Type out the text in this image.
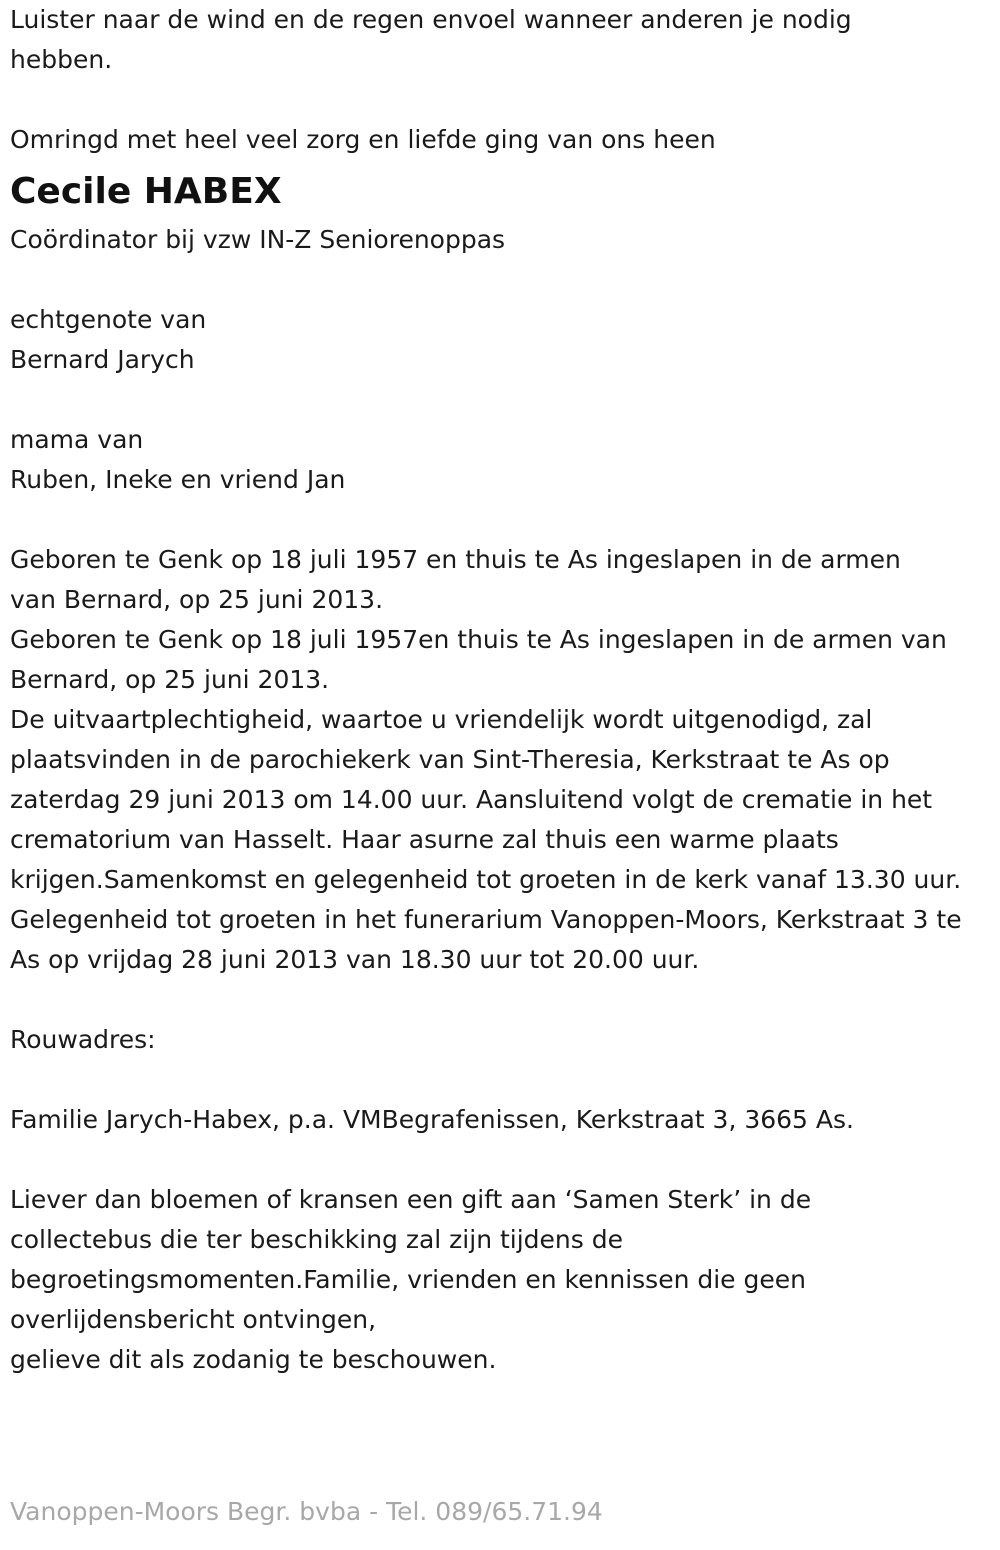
Luister naar de wind en de regen envoel wanneer anderen je nodig hebben.

Omringd met heel veel zorg en liefde ging van ons heen

Cecile HABEX

Coördinator bij vzw IN-Z Seniorenoppas

echtgenote van

Bernard Jarych

mama van

Ruben, Ineke en vriend Jan

Geboren te Genk op 18 juli 1957 en thuis te As ingeslapen in de armen van Bernard, op 25 juni 2013.

Geboren te Genk op 18 juli 1957en thuis te As ingeslapen in de armen van Bernard, op 25 juni 2013.

De uitvaartplechtigheid, waartoe u vriendelijk wordt uitgenodigd, zal plaatsvinden in de parochiekerk van Sint-Theresia, Kerkstraat te As op zaterdag 29 juni 2013 om 14.00 uur. Aansluitend volgt de crematie in het crematorium van Hasselt. Haar asurne zal thuis een warme plaats krijgen.Samenkomst en gelegenheid tot groeten in de kerk vanaf 13.30 uur.

Gelegenheid tot groeten in het funerarium Vanoppen-Moors, Kerkstraat 3 te As op vrijdag 28 juni 2013 van 18.30 uur tot 20.00 uur.

Rouwadres:

Familie Jarych-Habex, p.a. VMBegrafenissen, Kerkstraat 3, 3665 As.

Liever dan bloemen of kransen een gift aan ‘Samen Sterk’ in de collectebus die ter beschikking zal zijn tijdens de begroetingsmomenten.Familie, vrienden en kennissen die geen overlijdensbericht ontvingen,

gelieve dit als zodanig te beschouwen.

Vanoppen-Moors Begr. bvba - Tel. 089/65.71.94
